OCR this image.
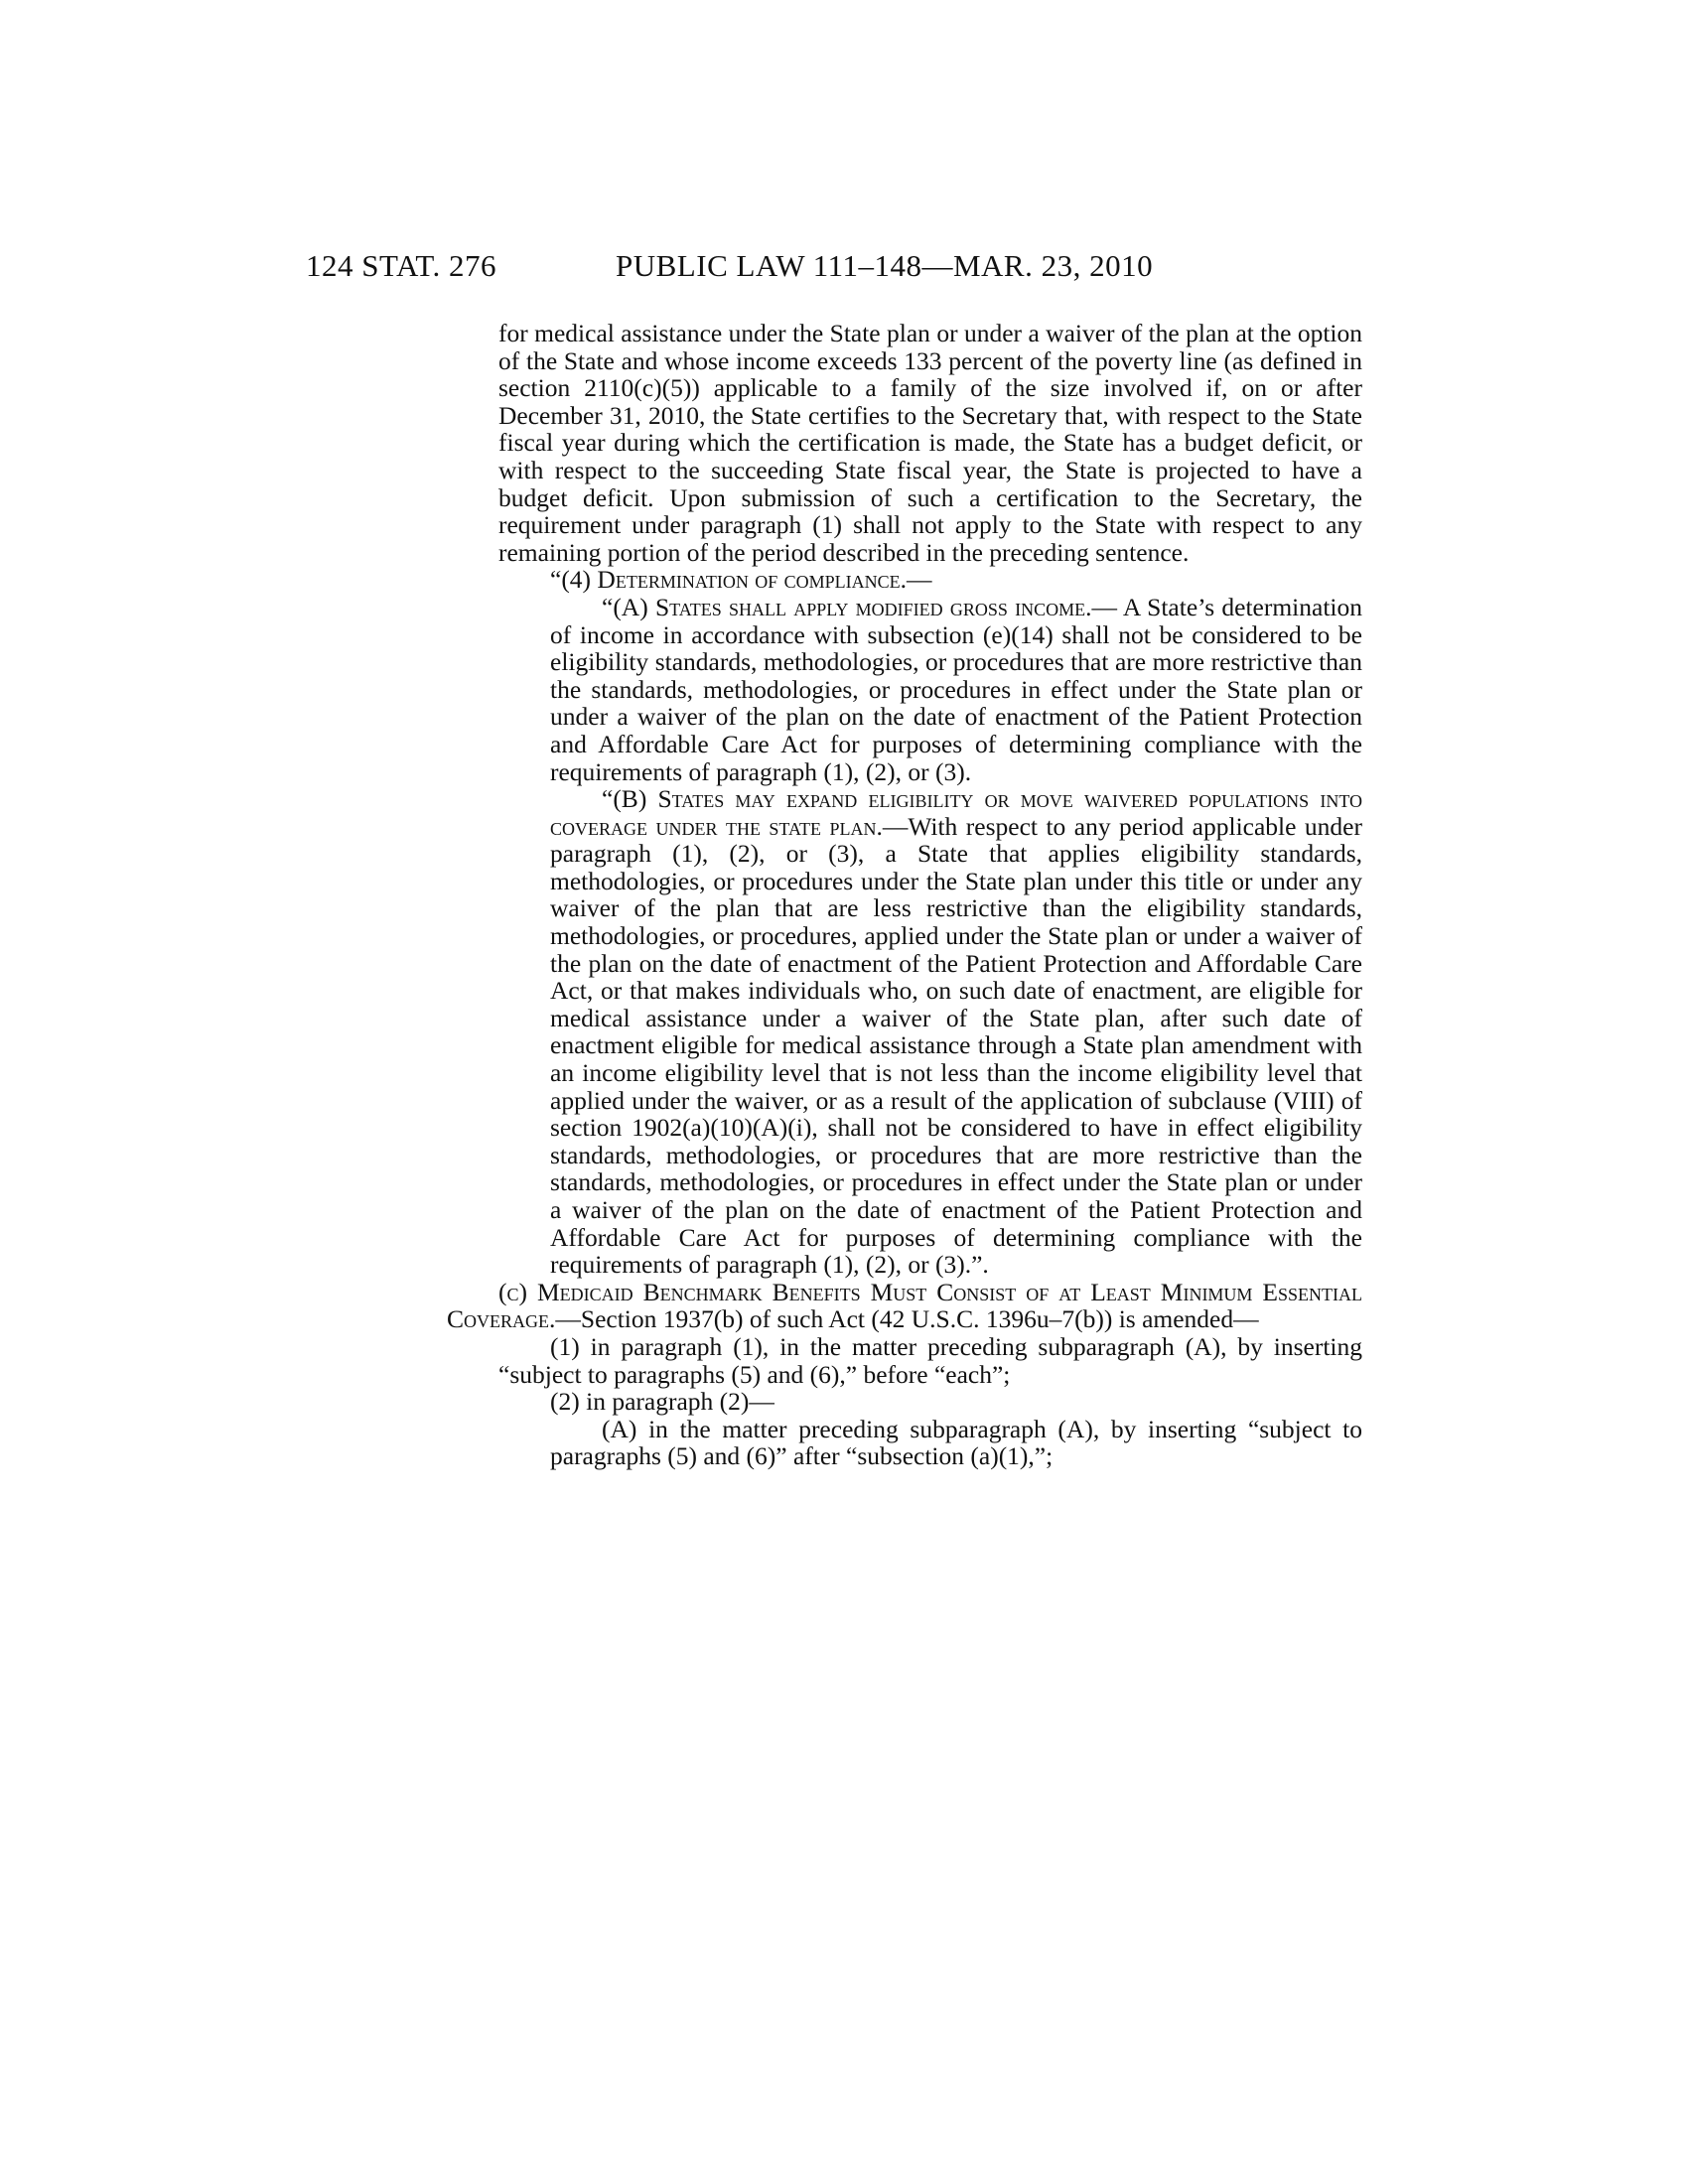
124 STAT. 276	PUBLIC LAW 111–148—MAR. 23, 2010

for medical assistance under the State plan or under a waiver of the plan at the option of the State and whose income exceeds 133 percent of the poverty line (as defined in section 2110(c)(5)) applicable to a family of the size involved if, on or after December 31, 2010, the State certifies to the Secretary that, with respect to the State fiscal year during which the certification is made, the State has a budget deficit, or with respect to the succeeding State fiscal year, the State is projected to have a budget deficit. Upon submission of such a certification to the Secretary, the requirement under paragraph (1) shall not apply to the State with respect to any remaining portion of the period described in the preceding sentence.

“(4) Determination of compliance.—

“(A) States shall apply modified gross income.— A State’s determination of income in accordance with subsection (e)(14) shall not be considered to be eligibility standards, methodologies, or procedures that are more restrictive than the standards, methodologies, or procedures in effect under the State plan or under a waiver of the plan on the date of enactment of the Patient Protection and Affordable Care Act for purposes of determining compliance with the requirements of paragraph (1), (2), or (3).

“(B) States may expand eligibility or move waivered populations into coverage under the state plan.—With respect to any period applicable under paragraph (1), (2), or (3), a State that applies eligibility standards, methodologies, or procedures under the State plan under this title or under any waiver of the plan that are less restrictive than the eligibility standards, methodologies, or procedures, applied under the State plan or under a waiver of the plan on the date of enactment of the Patient Protection and Affordable Care Act, or that makes individuals who, on such date of enactment, are eligible for medical assistance under a waiver of the State plan, after such date of enactment eligible for medical assistance through a State plan amendment with an income eligibility level that is not less than the income eligibility level that applied under the waiver, or as a result of the application of subclause (VIII) of section 1902(a)(10)(A)(i), shall not be considered to have in effect eligibility standards, methodologies, or procedures that are more restrictive than the standards, methodologies, or procedures in effect under the State plan or under a waiver of the plan on the date of enactment of the Patient Protection and Affordable Care Act for purposes of determining compliance with the requirements of paragraph (1), (2), or (3).”.

(c) Medicaid Benchmark Benefits Must Consist of at Least Minimum Essential Coverage.—Section 1937(b) of such Act (42 U.S.C. 1396u–7(b)) is amended—

(1) in paragraph (1), in the matter preceding subparagraph (A), by inserting “subject to paragraphs (5) and (6),” before “each”;

(2) in paragraph (2)—

(A) in the matter preceding subparagraph (A), by inserting “subject to paragraphs (5) and (6)” after “subsection (a)(1),”;
